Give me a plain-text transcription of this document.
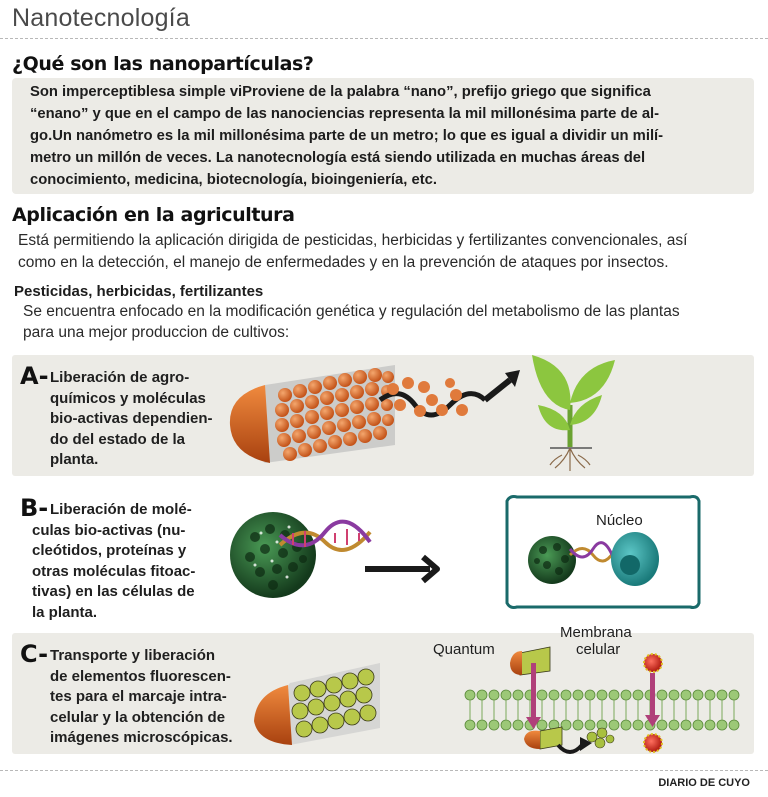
Nanotecnología
¿Qué son las nanopartículas?
Son imperceptiblesa simple viProviene de la palabra “nano”, prefijo griego que significa
“enano” y que en el campo de las nanociencias representa la mil millonésima parte de al-
go.Un nanómetro es la mil millonésima parte de un metro; lo que es igual a dividir un milí-
metro un millón de veces. La nanotecnología está siendo utilizada en muchas áreas del
conocimiento, medicina, biotecnología, bioingeniería, etc.
Aplicación en la agricultura
Está permitiendo la aplicación dirigida de pesticidas, herbicidas y fertilizantes convencionales, así
como en la detección, el manejo de enfermedades y en la prevención de ataques por insectos.
Pesticidas, herbicidas, fertilizantes
Se encuentra enfocado en la modificación genética y regulación del metabolismo de las plantas
para una mejor produccion de cultivos:
A- Liberación de agro-
químicos y moléculas
bio-activas dependien-
do del estado de la
planta.
B- Liberación de molé-
culas bio-activas (nu-
cleótidos, proteínas y
otras moléculas fitoac-
tivas) en las células de
la planta.
Núcleo
C- Transporte y liberación
de elementos fluorescen-
tes para el marcaje intra-
celular y la obtención de
imágenes microscópicas.
Quantum
Membrana
celular
DIARIO DE CUYO
